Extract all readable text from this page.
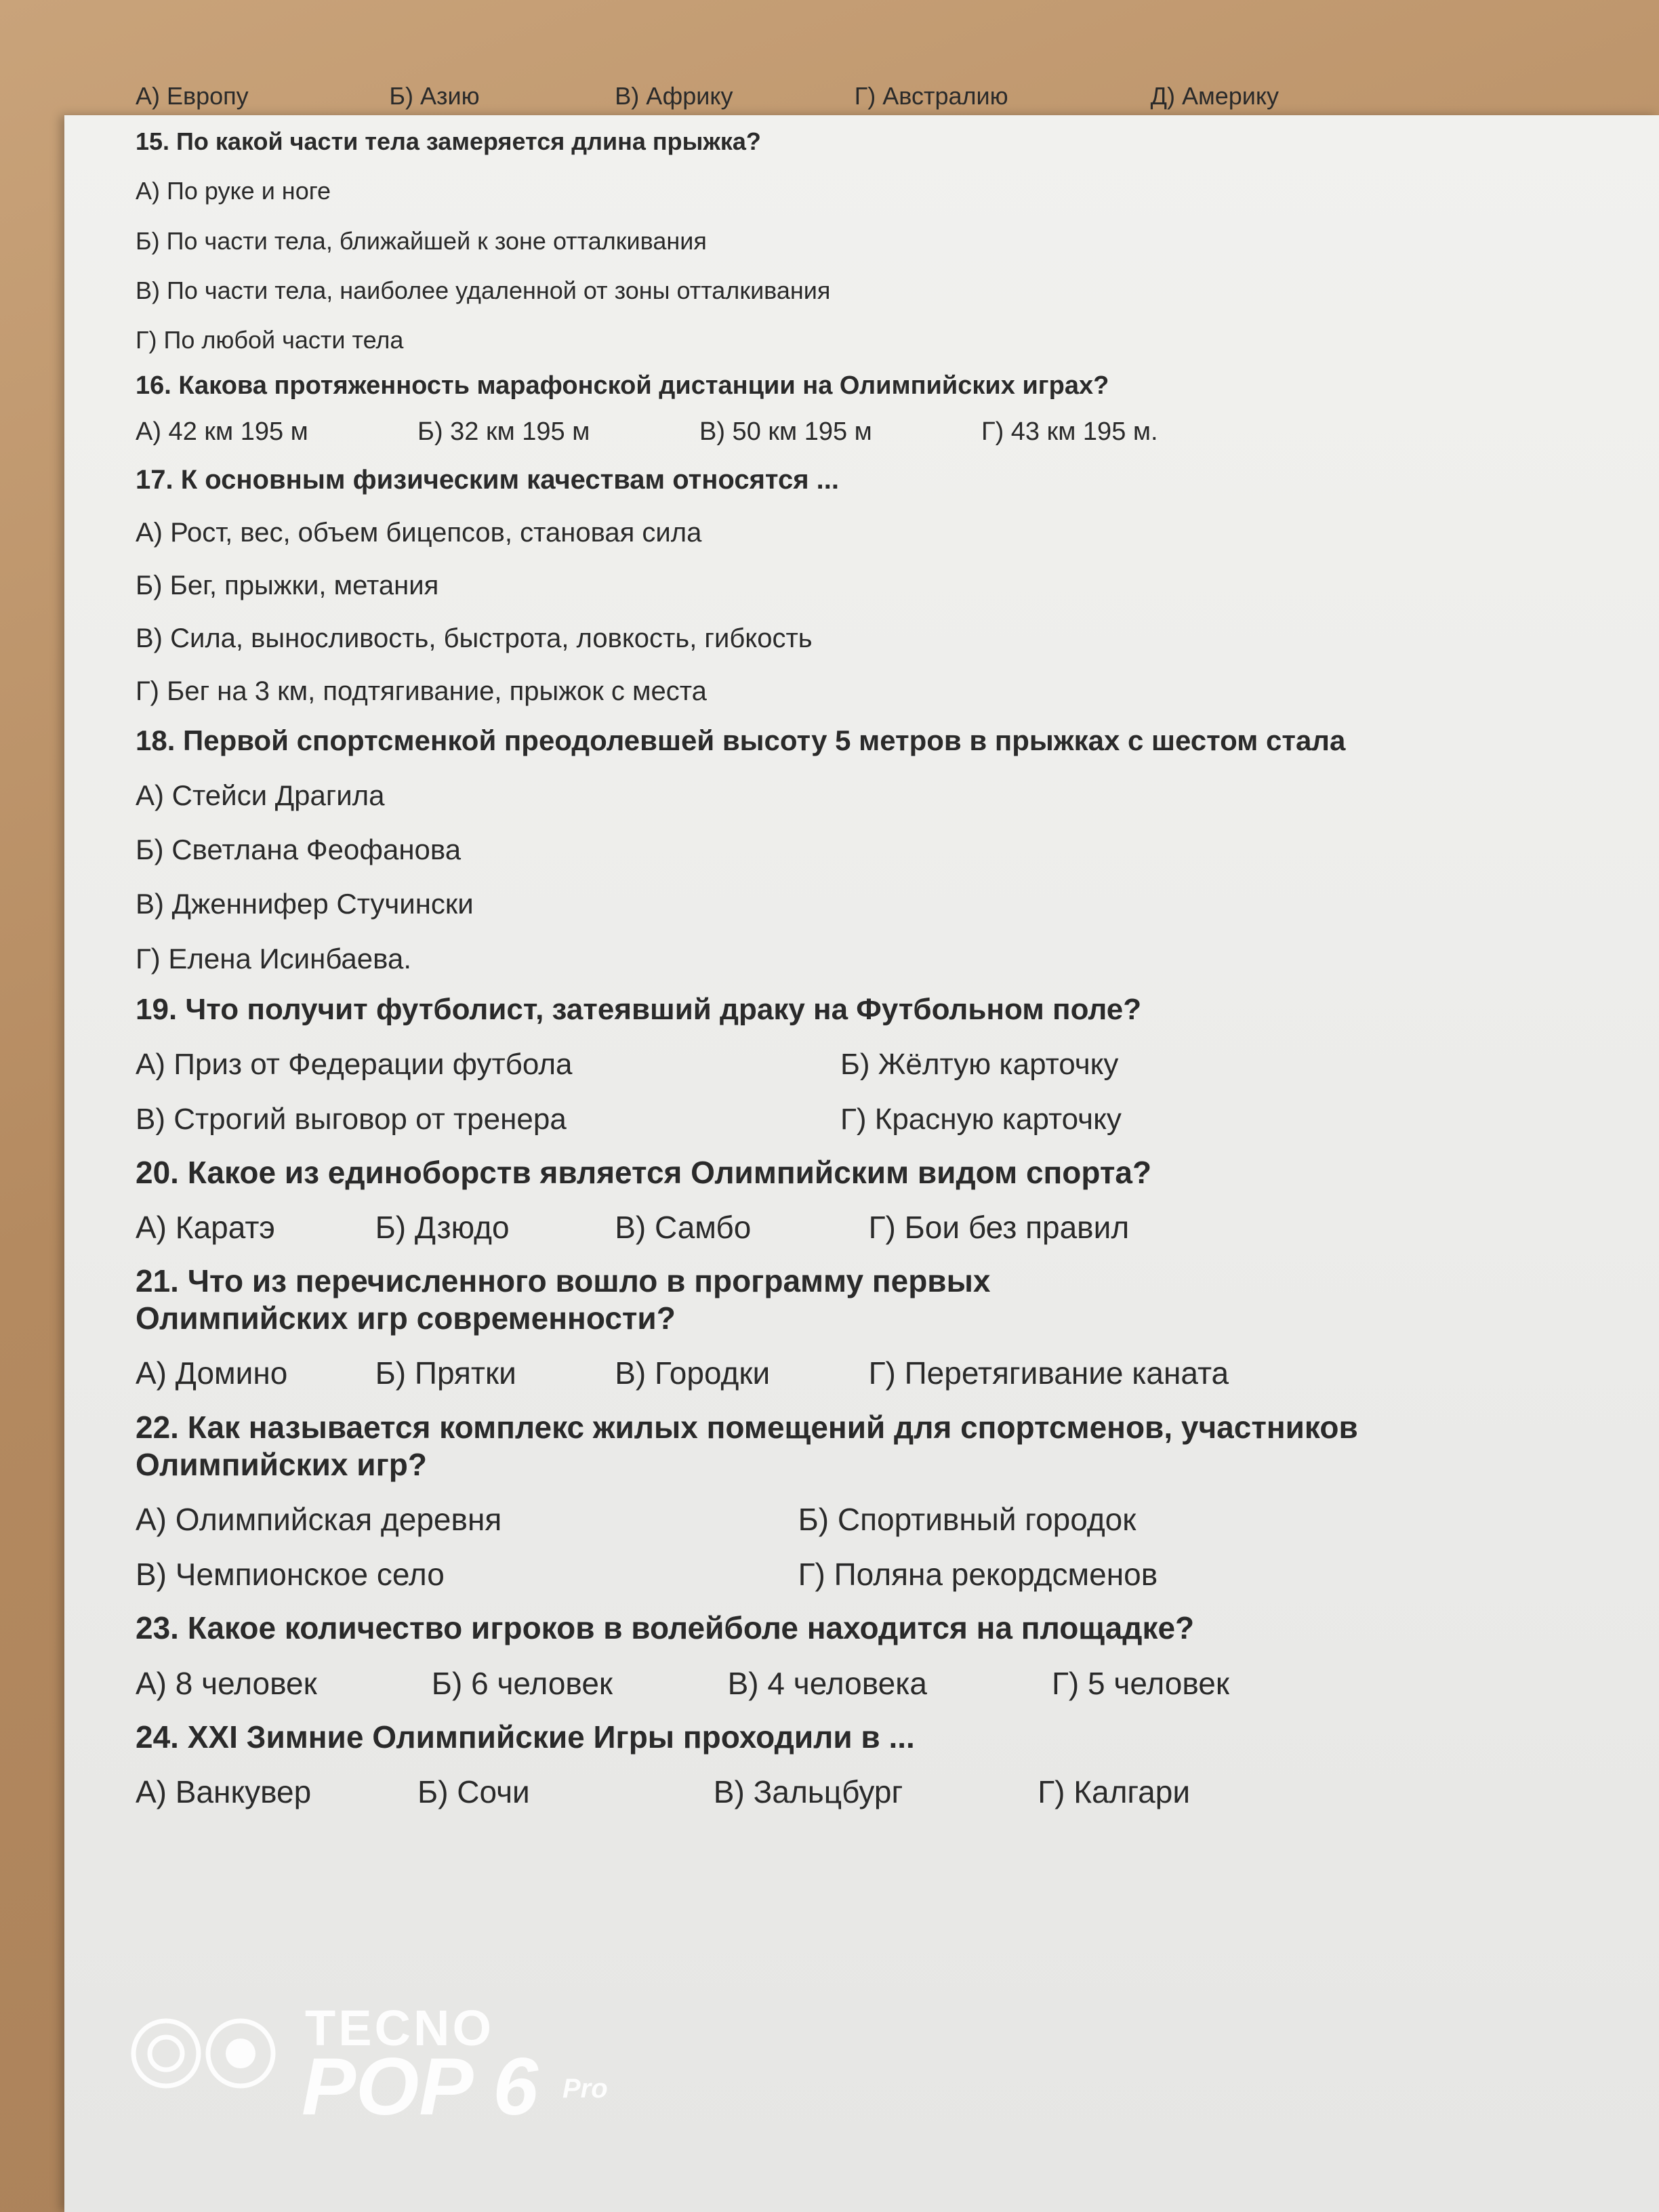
А) Европу	Б) Азию	В) Африку	Г) Австралию	Д) Америку

15. По какой части тела замеряется длина прыжка?

А) По руке и ноге

Б) По части тела, ближайшей к зоне отталкивания

В) По части тела, наиболее удаленной от зоны отталкивания

Г) По любой части тела

16. Какова протяженность марафонской дистанции на Олимпийских играх?

А) 42 км 195 м	Б) 32 км 195 м	В) 50 км 195 м	Г) 43 км 195 м.

17. К основным физическим качествам относятся ...

А) Рост, вес, объем бицепсов, становая сила

Б) Бег, прыжки, метания

В) Сила, выносливость, быстрота, ловкость, гибкость

Г) Бег на 3 км, подтягивание, прыжок с места

18. Первой спортсменкой преодолевшей высоту 5 метров в прыжках с шестом стала

А) Стейси Драгила

Б) Светлана Феофанова

В) Дженнифер Стучински

Г) Елена Исинбаева.

19. Что получит футболист, затеявший драку на Футбольном поле?

А) Приз от Федерации футбола	Б) Жёлтую карточку
В) Строгий выговор от тренера	Г) Красную карточку

20. Какое из единоборств является Олимпийским видом спорта?

А) Каратэ	Б) Дзюдо	В) Самбо	Г) Бои без правил

21. Что из перечисленного вошло в программу первых

Олимпийских игр современности?

А) Домино	Б) Прятки	В) Городки	Г) Перетягивание каната

22. Как называется комплекс жилых помещений для спортсменов, участников

Олимпийских игр?

А) Олимпийская деревня	Б) Спортивный городок
В) Чемпионское село	Г) Поляна рекордсменов

23. Какое количество игроков в волейболе находится на площадке?

А) 8 человек	Б) 6 человек	В) 4 человека	Г) 5 человек

24. XXI Зимние Олимпийские Игры проходили в ...

А) Ванкувер	Б) Сочи	В) Зальцбург	Г) Калгари
TECNO
POP 6 Pro
